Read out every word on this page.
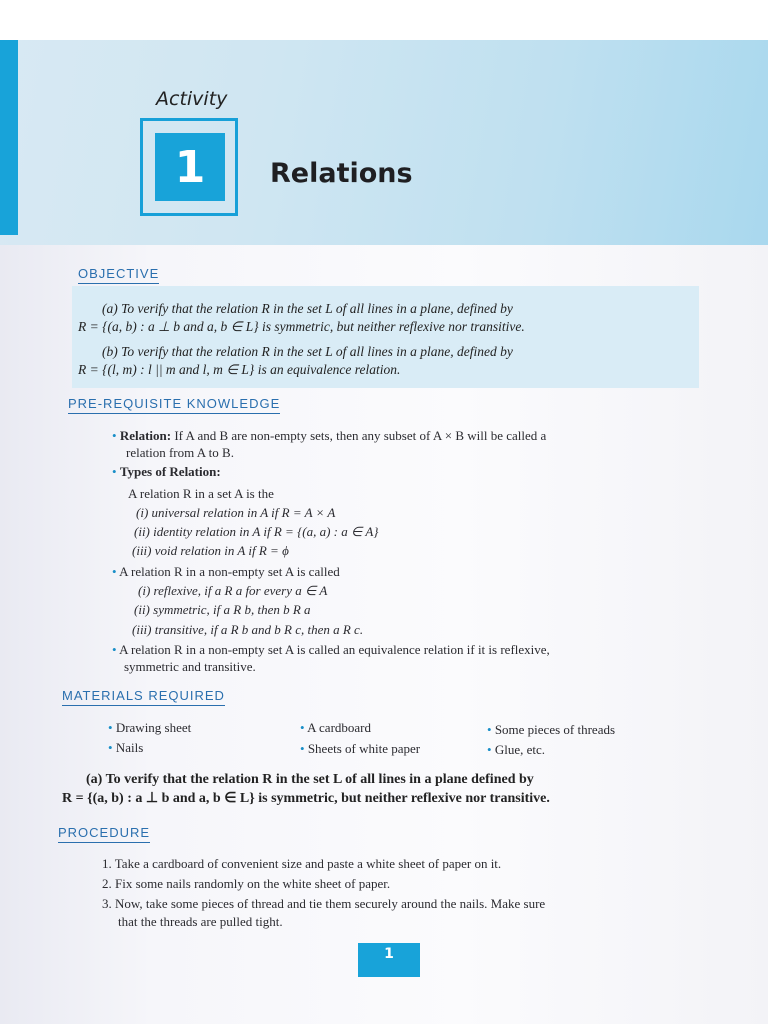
Activity
1	Relations
OBJECTIVE
(a) To verify that the relation R in the set L of all lines in a plane, defined by
R = {(a, b) : a ⊥ b and a, b ∈ L} is symmetric, but neither reflexive nor transitive.
(b) To verify that the relation R in the set L of all lines in a plane, defined by
R = {(l, m) : l || m and l, m ∈ L} is an equivalence relation.
PRE-REQUISITE KNOWLEDGE
• Relation: If A and B are non-empty sets, then any subset of A × B will be called a
relation from A to B.
• Types of Relation:
A relation R in a set A is the
(i) universal relation in A if R = A × A
(ii) identity relation in A if R = {(a, a) : a ∈ A}
(iii) void relation in A if R = ϕ
• A relation R in a non-empty set A is called
(i) reflexive, if a R a for every a ∈ A
(ii) symmetric, if a R b, then b R a
(iii) transitive, if a R b and b R c, then a R c.
• A relation R in a non-empty set A is called an equivalence relation if it is reflexive,
symmetric and transitive.
MATERIALS REQUIRED
• Drawing sheet
• Nails
• A cardboard
• Sheets of white paper
• Some pieces of threads
• Glue, etc.
(a) To verify that the relation R in the set L of all lines in a plane defined by
R = {(a, b) : a ⊥ b and a, b ∈ L} is symmetric, but neither reflexive nor transitive.
PROCEDURE
1. Take a cardboard of convenient size and paste a white sheet of paper on it.
2. Fix some nails randomly on the white sheet of paper.
3. Now, take some pieces of thread and tie them securely around the nails. Make sure
that the threads are pulled tight.
1
